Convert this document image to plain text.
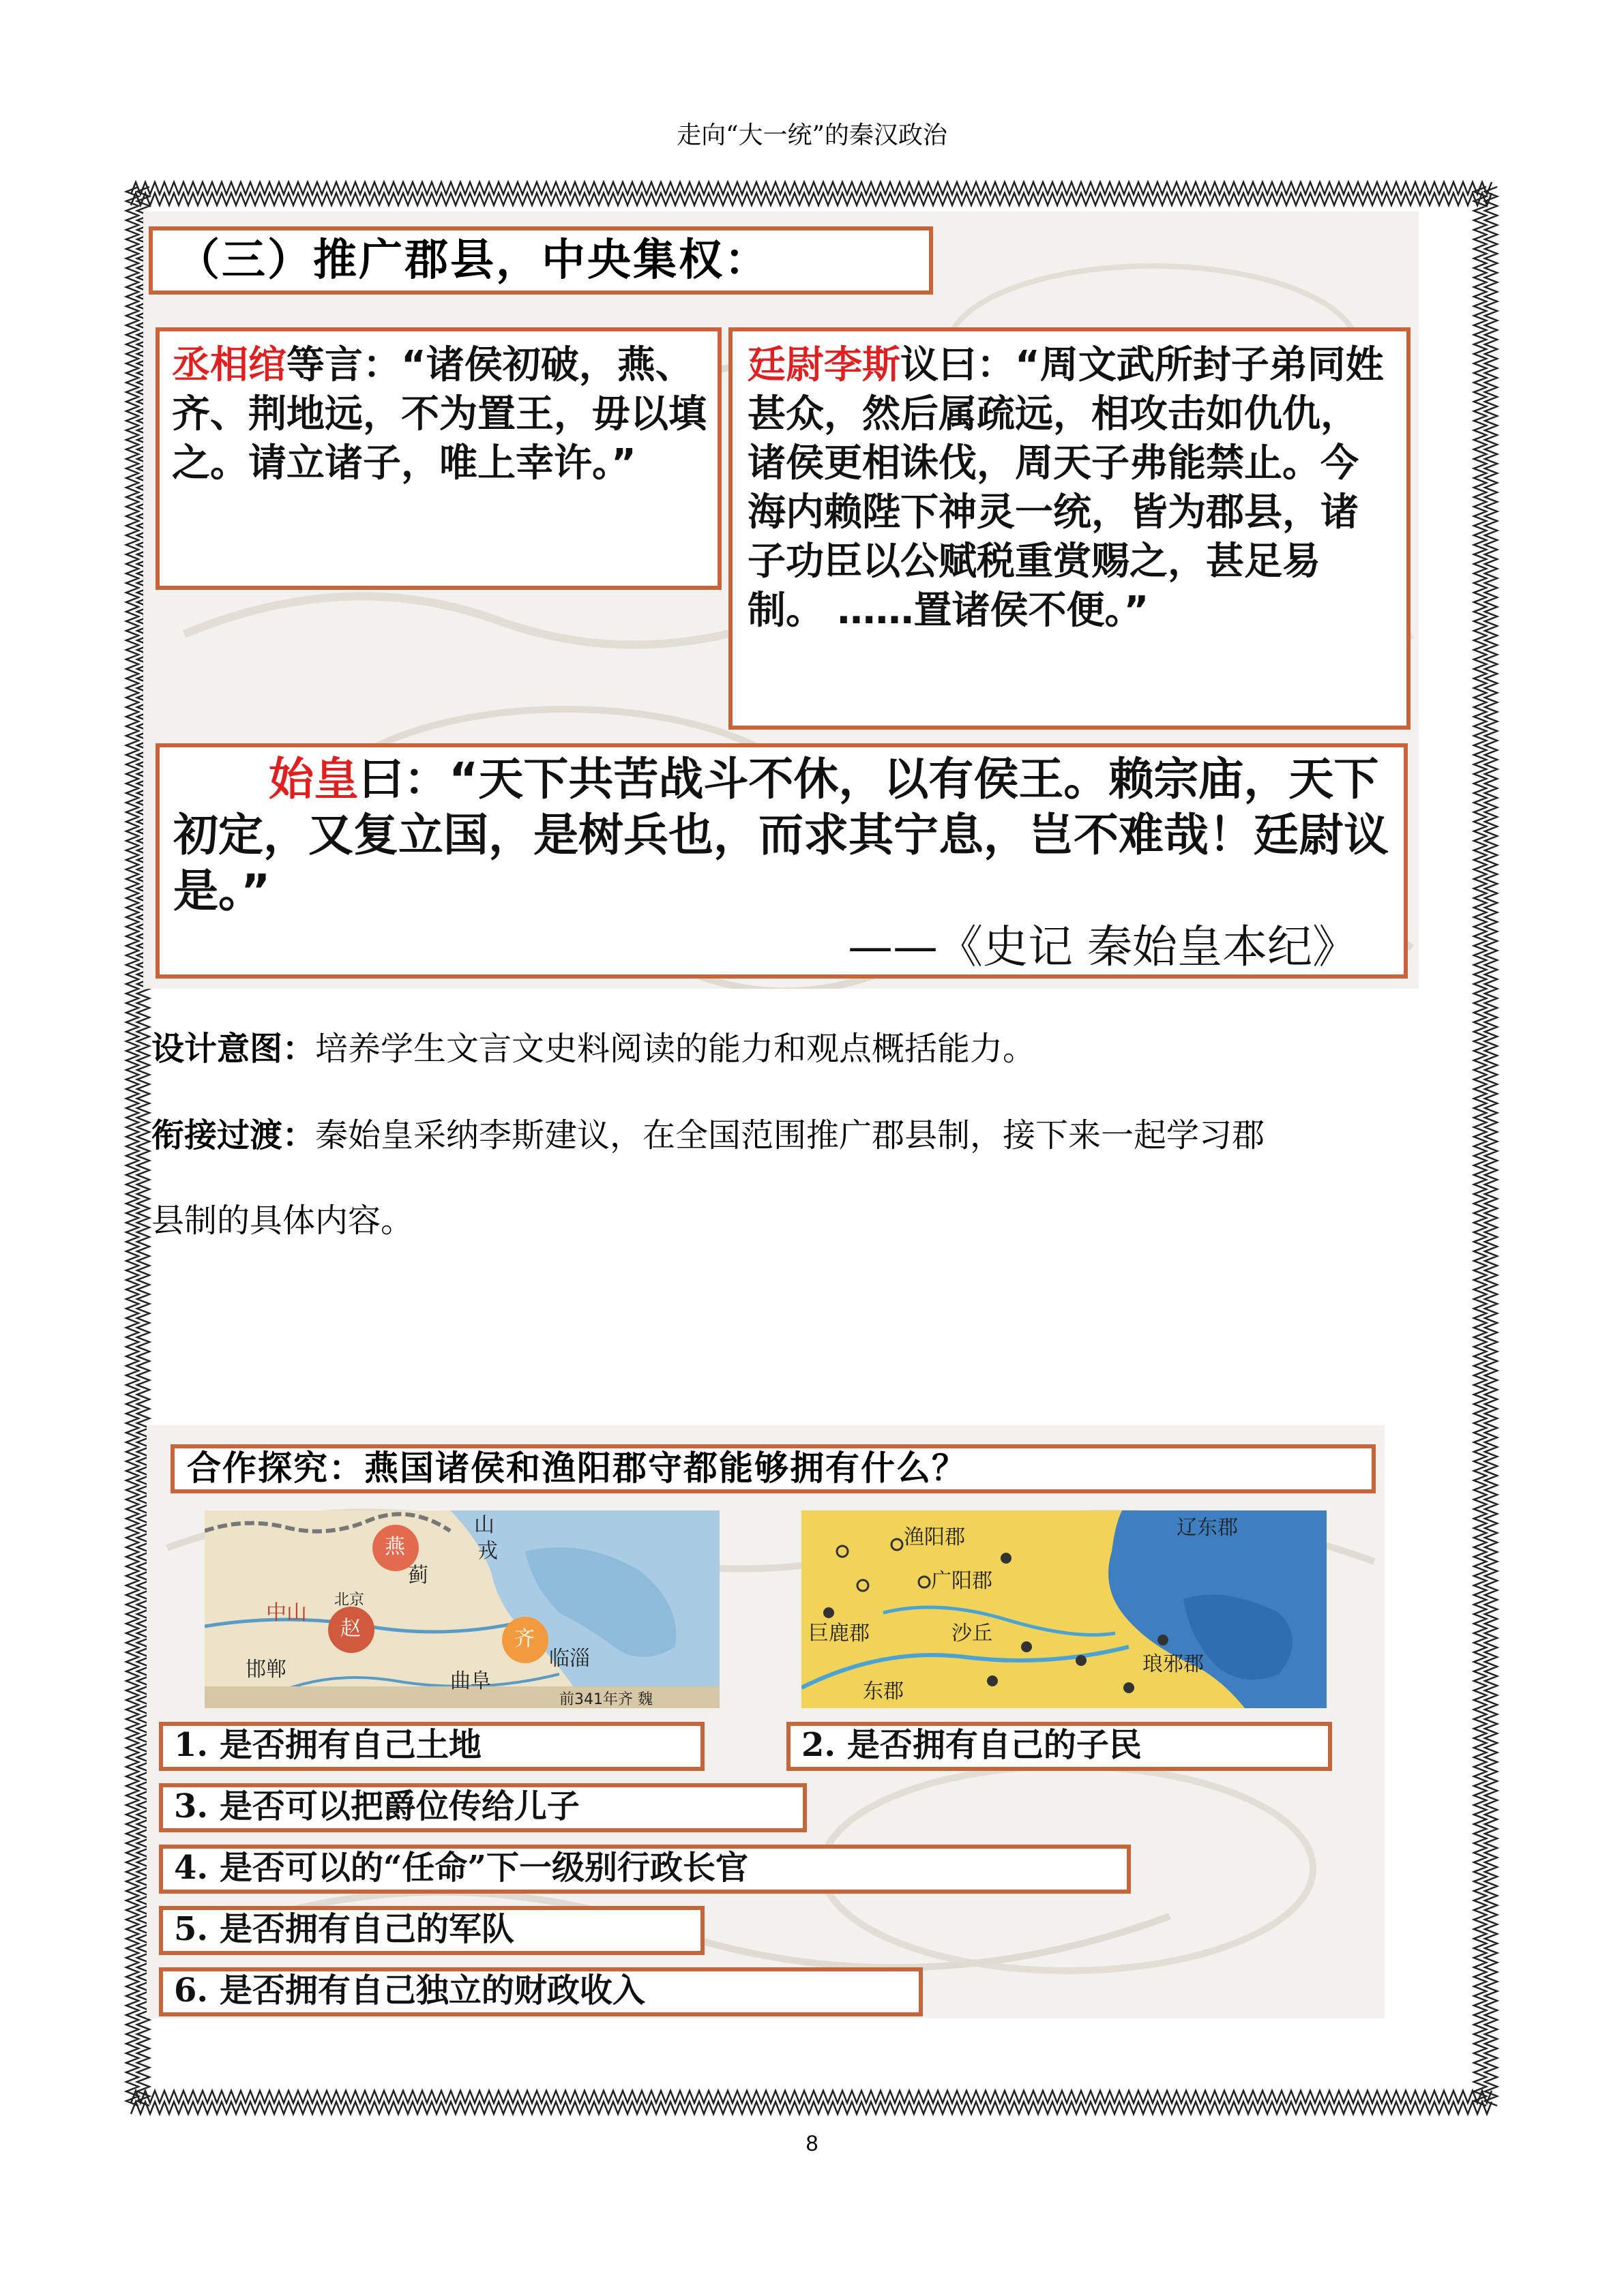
走向“大一统”的秦汉政治
（三）推广郡县，中央集权：
丞相绾等言：“诸侯初破，燕、齐、荆地远，不为置王，毋以填之。请立诸子，唯上幸许。”
廷尉李斯议曰：“周文武所封子弟同姓甚众，然后属疏远，相攻击如仇仇，诸侯更相诛伐，周天子弗能禁止。今海内赖陛下神灵一统，皆为郡县，诸子功臣以公赋税重赏赐之，甚足易制。 ……置诸侯不便。”
始皇曰：“天下共苦战斗不休，以有侯王。赖宗庙，天下初定，又复立国，是树兵也，而求其宁息，岂不难哉！廷尉议是。”
——《史记 秦始皇本纪》

设计意图：培养学生文言文史料阅读的能力和观点概括能力。

衔接过渡：秦始皇采纳李斯建议，在全国范围推广郡县制，接下来一起学习郡

县制的具体内容。

合作探究：燕国诸侯和渔阳郡守都能够拥有什么？
山
戎
燕
蓟
北京
中山
赵	齐
临淄
邯郸	曲阜
前341年齐 魏
辽东郡
渔阳郡
广阳郡
巨鹿郡	沙丘
琅邪郡
东郡
1. 是否拥有自己土地	2. 是否拥有自己的子民
3. 是否可以把爵位传给儿子
4. 是否可以的“任命”下一级别行政长官
5. 是否拥有自己的军队
6. 是否拥有自己独立的财政收入
8
